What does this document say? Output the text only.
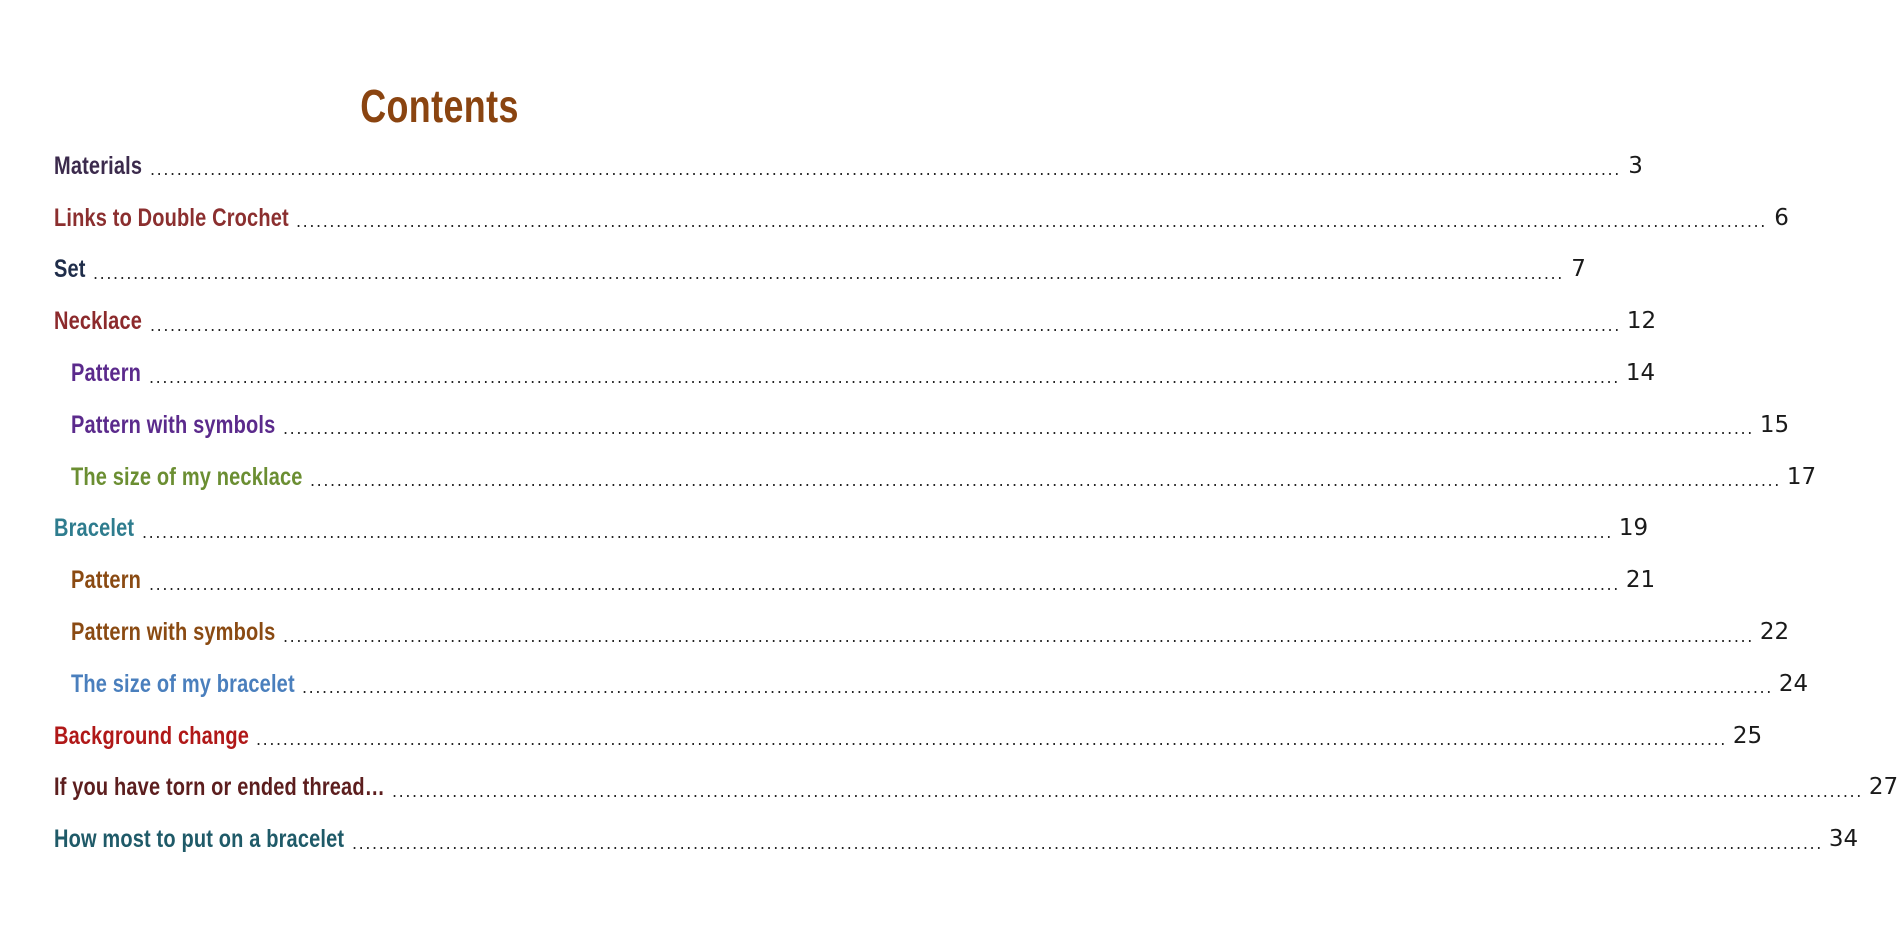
Contents
Materials ............................................................................................................................................................................................................................ 3
Links to Double Crochet ............................................................................................................................................................................................................................ 6
Set ............................................................................................................................................................................................................................ 7
Necklace ............................................................................................................................................................................................................................ 12
Pattern ............................................................................................................................................................................................................................ 14
Pattern with symbols ............................................................................................................................................................................................................................ 15
The size of my necklace ............................................................................................................................................................................................................................ 17
Bracelet ............................................................................................................................................................................................................................ 19
Pattern ............................................................................................................................................................................................................................ 21
Pattern with symbols ............................................................................................................................................................................................................................ 22
The size of my bracelet ............................................................................................................................................................................................................................ 24
Background change ............................................................................................................................................................................................................................ 25
If you have torn or ended thread… ............................................................................................................................................................................................................................ 27
How most to put on a bracelet ............................................................................................................................................................................................................................ 34
